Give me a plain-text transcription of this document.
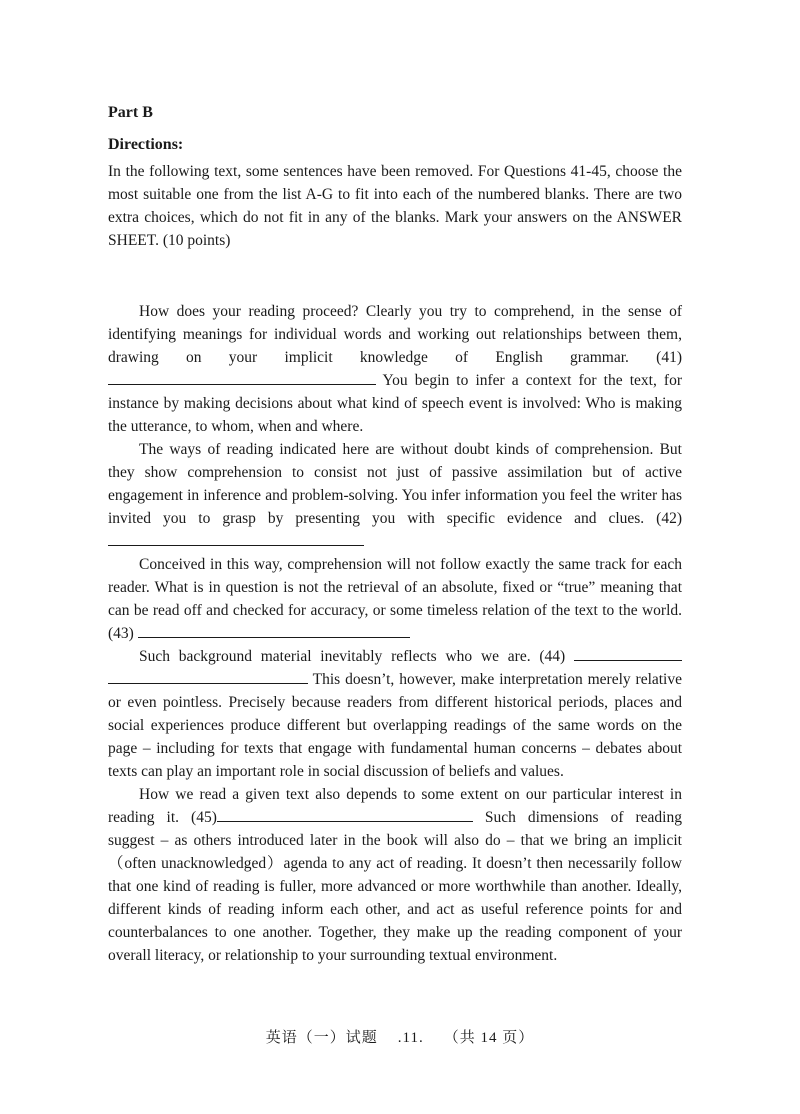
Part B

Directions:

In the following text, some sentences have been removed. For Questions 41-45, choose the most suitable one from the list A-G to fit into each of the numbered blanks. There are two extra choices, which do not fit in any of the blanks. Mark your answers on the ANSWER SHEET. (10 points)

How does your reading proceed? Clearly you try to comprehend, in the sense of identifying meanings for individual words and working out relationships between them, drawing on your implicit knowledge of English grammar. (41) You begin to infer a context for the text, for instance by making decisions about what kind of speech event is involved: Who is making the utterance, to whom, when and where.

The ways of reading indicated here are without doubt kinds of comprehension. But they show comprehension to consist not just of passive assimilation but of active engagement in inference and problem-solving. You infer information you feel the writer has invited you to grasp by presenting you with specific evidence and clues. (42)

Conceived in this way, comprehension will not follow exactly the same track for each reader. What is in question is not the retrieval of an absolute, fixed or “true” meaning that can be read off and checked for accuracy, or some timeless relation of the text to the world. (43)

Such background material inevitably reflects who we are. (44)   This doesn’t, however, make interpretation merely relative or even pointless. Precisely because readers from different historical periods, places and social experiences produce different but overlapping readings of the same words on the page – including for texts that engage with fundamental human concerns – debates about texts can play an important role in social discussion of beliefs and values.

How we read a given text also depends to some extent on our particular interest in reading it. (45)	Such dimensions of reading suggest – as others introduced later in the book will also do – that we bring an implicit（often unacknowledged）agenda to any act of reading. It doesn’t then necessarily follow that one kind of reading is fuller, more advanced or more worthwhile than another. Ideally, different kinds of reading inform each other, and act as useful reference points for and counterbalances to one another. Together, they make up the reading component of your overall literacy, or relationship to your surrounding textual environment.

英语（一）试题 .11. （共 14 页）
